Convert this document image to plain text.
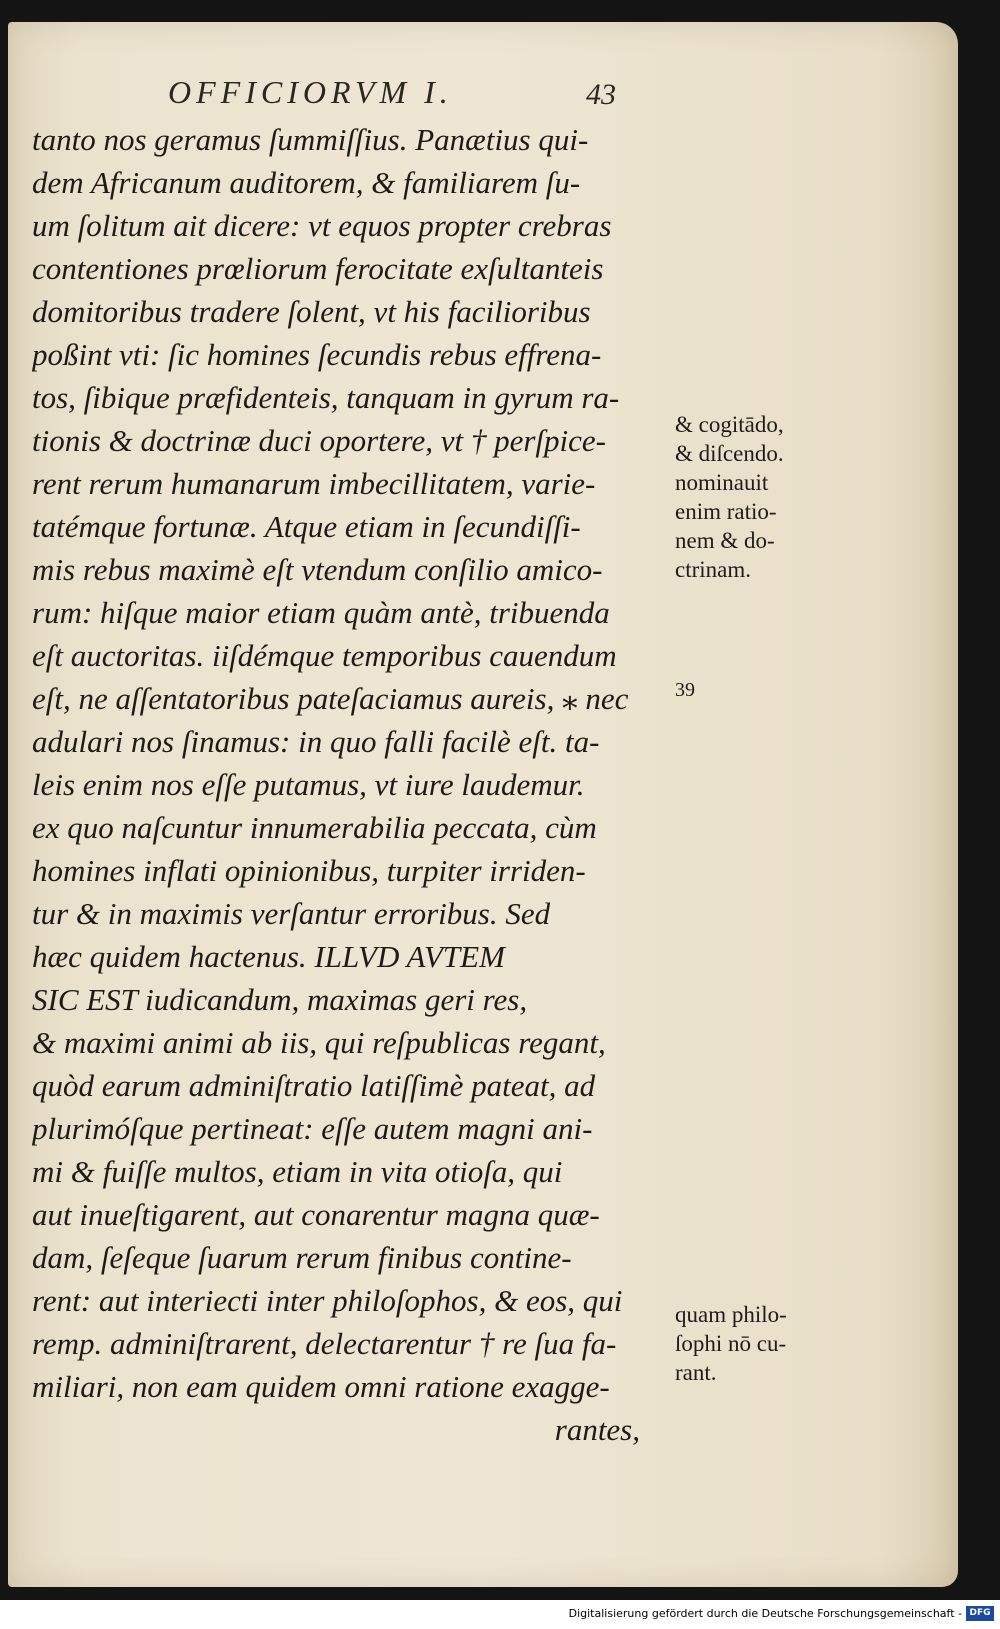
OFFICIORVM I.	43
tanto nos geramus ſummiſſius. Panætius qui-
dem Africanum auditorem, & familiarem ſu-
um ſolitum ait dicere: vt equos propter crebras
contentiones prœliorum ferocitate exſultanteis
domitoribus tradere ſolent, vt his facilioribus
poßint vti: ſic homines ſecundis rebus effrena-
tos, ſibique præfidenteis, tanquam in gyrum ra-
tionis & doctrinæ duci oportere, vt † perſpice-
rent rerum humanarum imbecillitatem, varie-
tatémque fortunæ. Atque etiam in ſecundiſſi-
mis rebus maximè eſt vtendum conſilio amico-
rum: hiſque maior etiam quàm antè, tribuenda
eſt auctoritas. iiſdémque temporibus cauendum
eſt, ne aſſentatoribus pateſaciamus aureis, ⁎ nec
adulari nos ſinamus: in quo falli facilè eſt. ta-
leis enim nos eſſe putamus, vt iure laudemur.
ex quo naſcuntur innumerabilia peccata, cùm
homines inflati opinionibus, turpiter irriden-
tur & in maximis verſantur erroribus. Sed
hæc quidem hactenus. ILLVD AVTEM
SIC EST iudicandum, maximas geri res,
& maximi animi ab iis, qui reſpublicas regant,
quòd earum adminiſtratio latiſſimè pateat, ad
plurimóſque pertineat: eſſe autem magni ani-
mi & fuiſſe multos, etiam in vita otioſa, qui
aut inueſtigarent, aut conarentur magna quæ-
dam, ſeſeque ſuarum rerum finibus contine-
rent: aut interiecti inter philoſophos, & eos, qui
remp. adminiſtrarent, delectarentur † re ſua fa-
miliari, non eam quidem omni ratione exagge-
rantes,
& cogitādo,
& diſcendo.
nominauit
enim ratio-
nem & do-
ctrinam.
39
quam philo-
ſophi nō cu-
rant.
Digitalisierung gefördert durch die Deutsche Forschungsgemeinschaft - DFG
